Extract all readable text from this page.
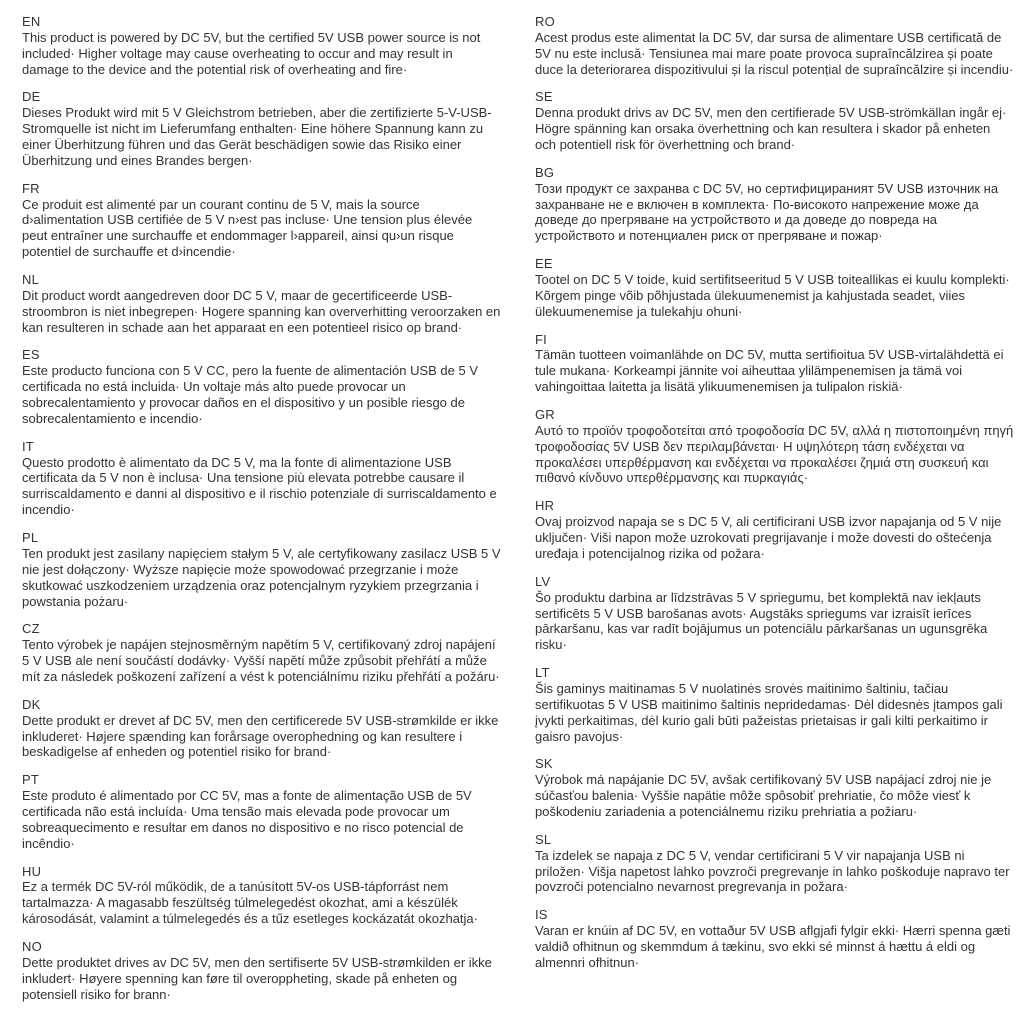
EN
This product is powered by DC 5V, but the certified 5V USB power source is not included· Higher voltage may cause overheating to occur and may result in damage to the device and the potential risk of overheating and fire·
DE
Dieses Produkt wird mit 5 V Gleichstrom betrieben, aber die zertifizierte 5-V-USB-Stromquelle ist nicht im Lieferumfang enthalten· Eine höhere Spannung kann zu einer Überhitzung führen und das Gerät beschädigen sowie das Risiko einer Überhitzung und eines Brandes bergen·
FR
Ce produit est alimenté par un courant continu de 5 V, mais la source d›alimentation USB certifiée de 5 V n›est pas incluse· Une tension plus élevée peut entraîner une surchauffe et endommager l›appareil, ainsi qu›un risque potentiel de surchauffe et d›incendie·
NL
Dit product wordt aangedreven door DC 5 V, maar de gecertificeerde USB-stroombron is niet inbegrepen· Hogere spanning kan oververhitting veroorzaken en kan resulteren in schade aan het apparaat en een potentieel risico op brand·
ES
Este producto funciona con 5 V CC, pero la fuente de alimentación USB de 5 V certificada no está incluida· Un voltaje más alto puede provocar un sobrecalentamiento y provocar daños en el dispositivo y un posible riesgo de sobrecalentamiento e incendio·
IT
Questo prodotto è alimentato da DC 5 V, ma la fonte di alimentazione USB certificata da 5 V non è inclusa· Una tensione più elevata potrebbe causare il surriscaldamento e danni al dispositivo e il rischio potenziale di surriscaldamento e incendio·
PL
Ten produkt jest zasilany napięciem stałym 5 V, ale certyfikowany zasilacz USB 5 V nie jest dołączony· Wyższe napięcie może spowodować przegrzanie i może skutkować uszkodzeniem urządzenia oraz potencjalnym ryzykiem przegrzania i powstania pożaru·
CZ
Tento výrobek je napájen stejnosměrným napětím 5 V, certifikovaný zdroj napájení 5 V USB ale není součástí dodávky· Vyšší napětí může způsobit přehřátí a může mít za následek poškození zařízení a vést k potenciálnímu riziku přehřátí a požáru·
DK
Dette produkt er drevet af DC 5V, men den certificerede 5V USB-strømkilde er ikke inkluderet· Højere spænding kan forårsage overophedning og kan resultere i beskadigelse af enheden og potentiel risiko for brand·
PT
Este produto é alimentado por CC 5V, mas a fonte de alimentação USB de 5V certificada não está incluída· Uma tensão mais elevada pode provocar um sobreaquecimento e resultar em danos no dispositivo e no risco potencial de incêndio·
HU
Ez a termék DC 5V-ról működik, de a tanúsított 5V-os USB-tápforrást nem tartalmazza· A magasabb feszültség túlmelegedést okozhat, ami a készülék károsodását, valamint a túlmelegedés és a tűz esetleges kockázatát okozhatja·
NO
Dette produktet drives av DC 5V, men den sertifiserte 5V USB-strømkilden er ikke inkludert· Høyere spenning kan føre til overoppheting, skade på enheten og potensiell risiko for brann·
RO
Acest produs este alimentat la DC 5V, dar sursa de alimentare USB certificată de 5V nu este inclusă· Tensiunea mai mare poate provoca supraîncălzirea și poate duce la deteriorarea dispozitivului și la riscul potențial de supraîncălzire și incendiu·
SE
Denna produkt drivs av DC 5V, men den certifierade 5V USB-strömkällan ingår ej· Högre spänning kan orsaka överhettning och kan resultera i skador på enheten och potentiell risk för överhettning och brand·
BG
Този продукт се захранва с DC 5V, но сертифицираният 5V USB източник на захранване не е включен в комплекта· По-високото напрежение може да доведе до прегряване на устройството и да доведе до повреда на устройството и потенциален риск от прегряване и пожар·
EE
Tootel on DC 5 V toide, kuid sertifitseeritud 5 V USB toiteallikas ei kuulu komplekti· Kõrgem pinge võib põhjustada ülekuumenemist ja kahjustada seadet, viies ülekuumenemise ja tulekahju ohuni·
FI
Tämän tuotteen voimanlähde on DC 5V, mutta sertifioitua 5V USB-virtalähdettä ei tule mukana· Korkeampi jännite voi aiheuttaa ylilämpenemisen ja tämä voi vahingoittaa laitetta ja lisätä ylikuumenemisen ja tulipalon riskiä·
GR
Αυτό το προϊόν τροφοδοτείται από τροφοδοσία DC 5V, αλλά η πιστοποιημένη πηγή τροφοδοσίας 5V USB δεν περιλαμβάνεται· Η υψηλότερη τάση ενδέχεται να προκαλέσει υπερθέρμανση και ενδέχεται να προκαλέσει ζημιά στη συσκευή και πιθανό κίνδυνο υπερθέρμανσης και πυρκαγιάς·
HR
Ovaj proizvod napaja se s DC 5 V, ali certificirani USB izvor napajanja od 5 V nije uključen· Viši napon može uzrokovati pregrijavanje i može dovesti do oštećenja uređaja i potencijalnog rizika od požara·
LV
Šo produktu darbina ar līdzstrāvas 5 V spriegumu, bet komplektā nav iekļauts sertificēts 5 V USB barošanas avots· Augstāks spriegums var izraisīt ierīces pārkaršanu, kas var radīt bojājumus un potenciālu pārkaršanas un ugunsgrēka risku·
LT
Šis gaminys maitinamas 5 V nuolatinės srovės maitinimo šaltiniu, tačiau sertifikuotas 5 V USB maitinimo šaltinis nepridedamas· Dėl didesnės įtampos gali įvykti perkaitimas, dėl kurio gali būti pažeistas prietaisas ir gali kilti perkaitimo ir gaisro pavojus·
SK
Výrobok má napájanie DC 5V, avšak certifikovaný 5V USB napájací zdroj nie je súčasťou balenia· Vyššie napätie môže spôsobiť prehriatie, čo môže viesť k poškodeniu zariadenia a potenciálnemu riziku prehriatia a požiaru·
SL
Ta izdelek se napaja z DC 5 V, vendar certificirani 5 V vir napajanja USB ni priložen· Višja napetost lahko povzroči pregrevanje in lahko poškoduje napravo ter povzroči potencialno nevarnost pregrevanja in požara·
IS
Varan er knúin af DC 5V, en vottaður 5V USB aflgjafi fylgir ekki· Hærri spenna gæti valdið ofhitnun og skemmdum á tækinu, svo ekki sé minnst á hættu á eldi og almennri ofhitnun·
